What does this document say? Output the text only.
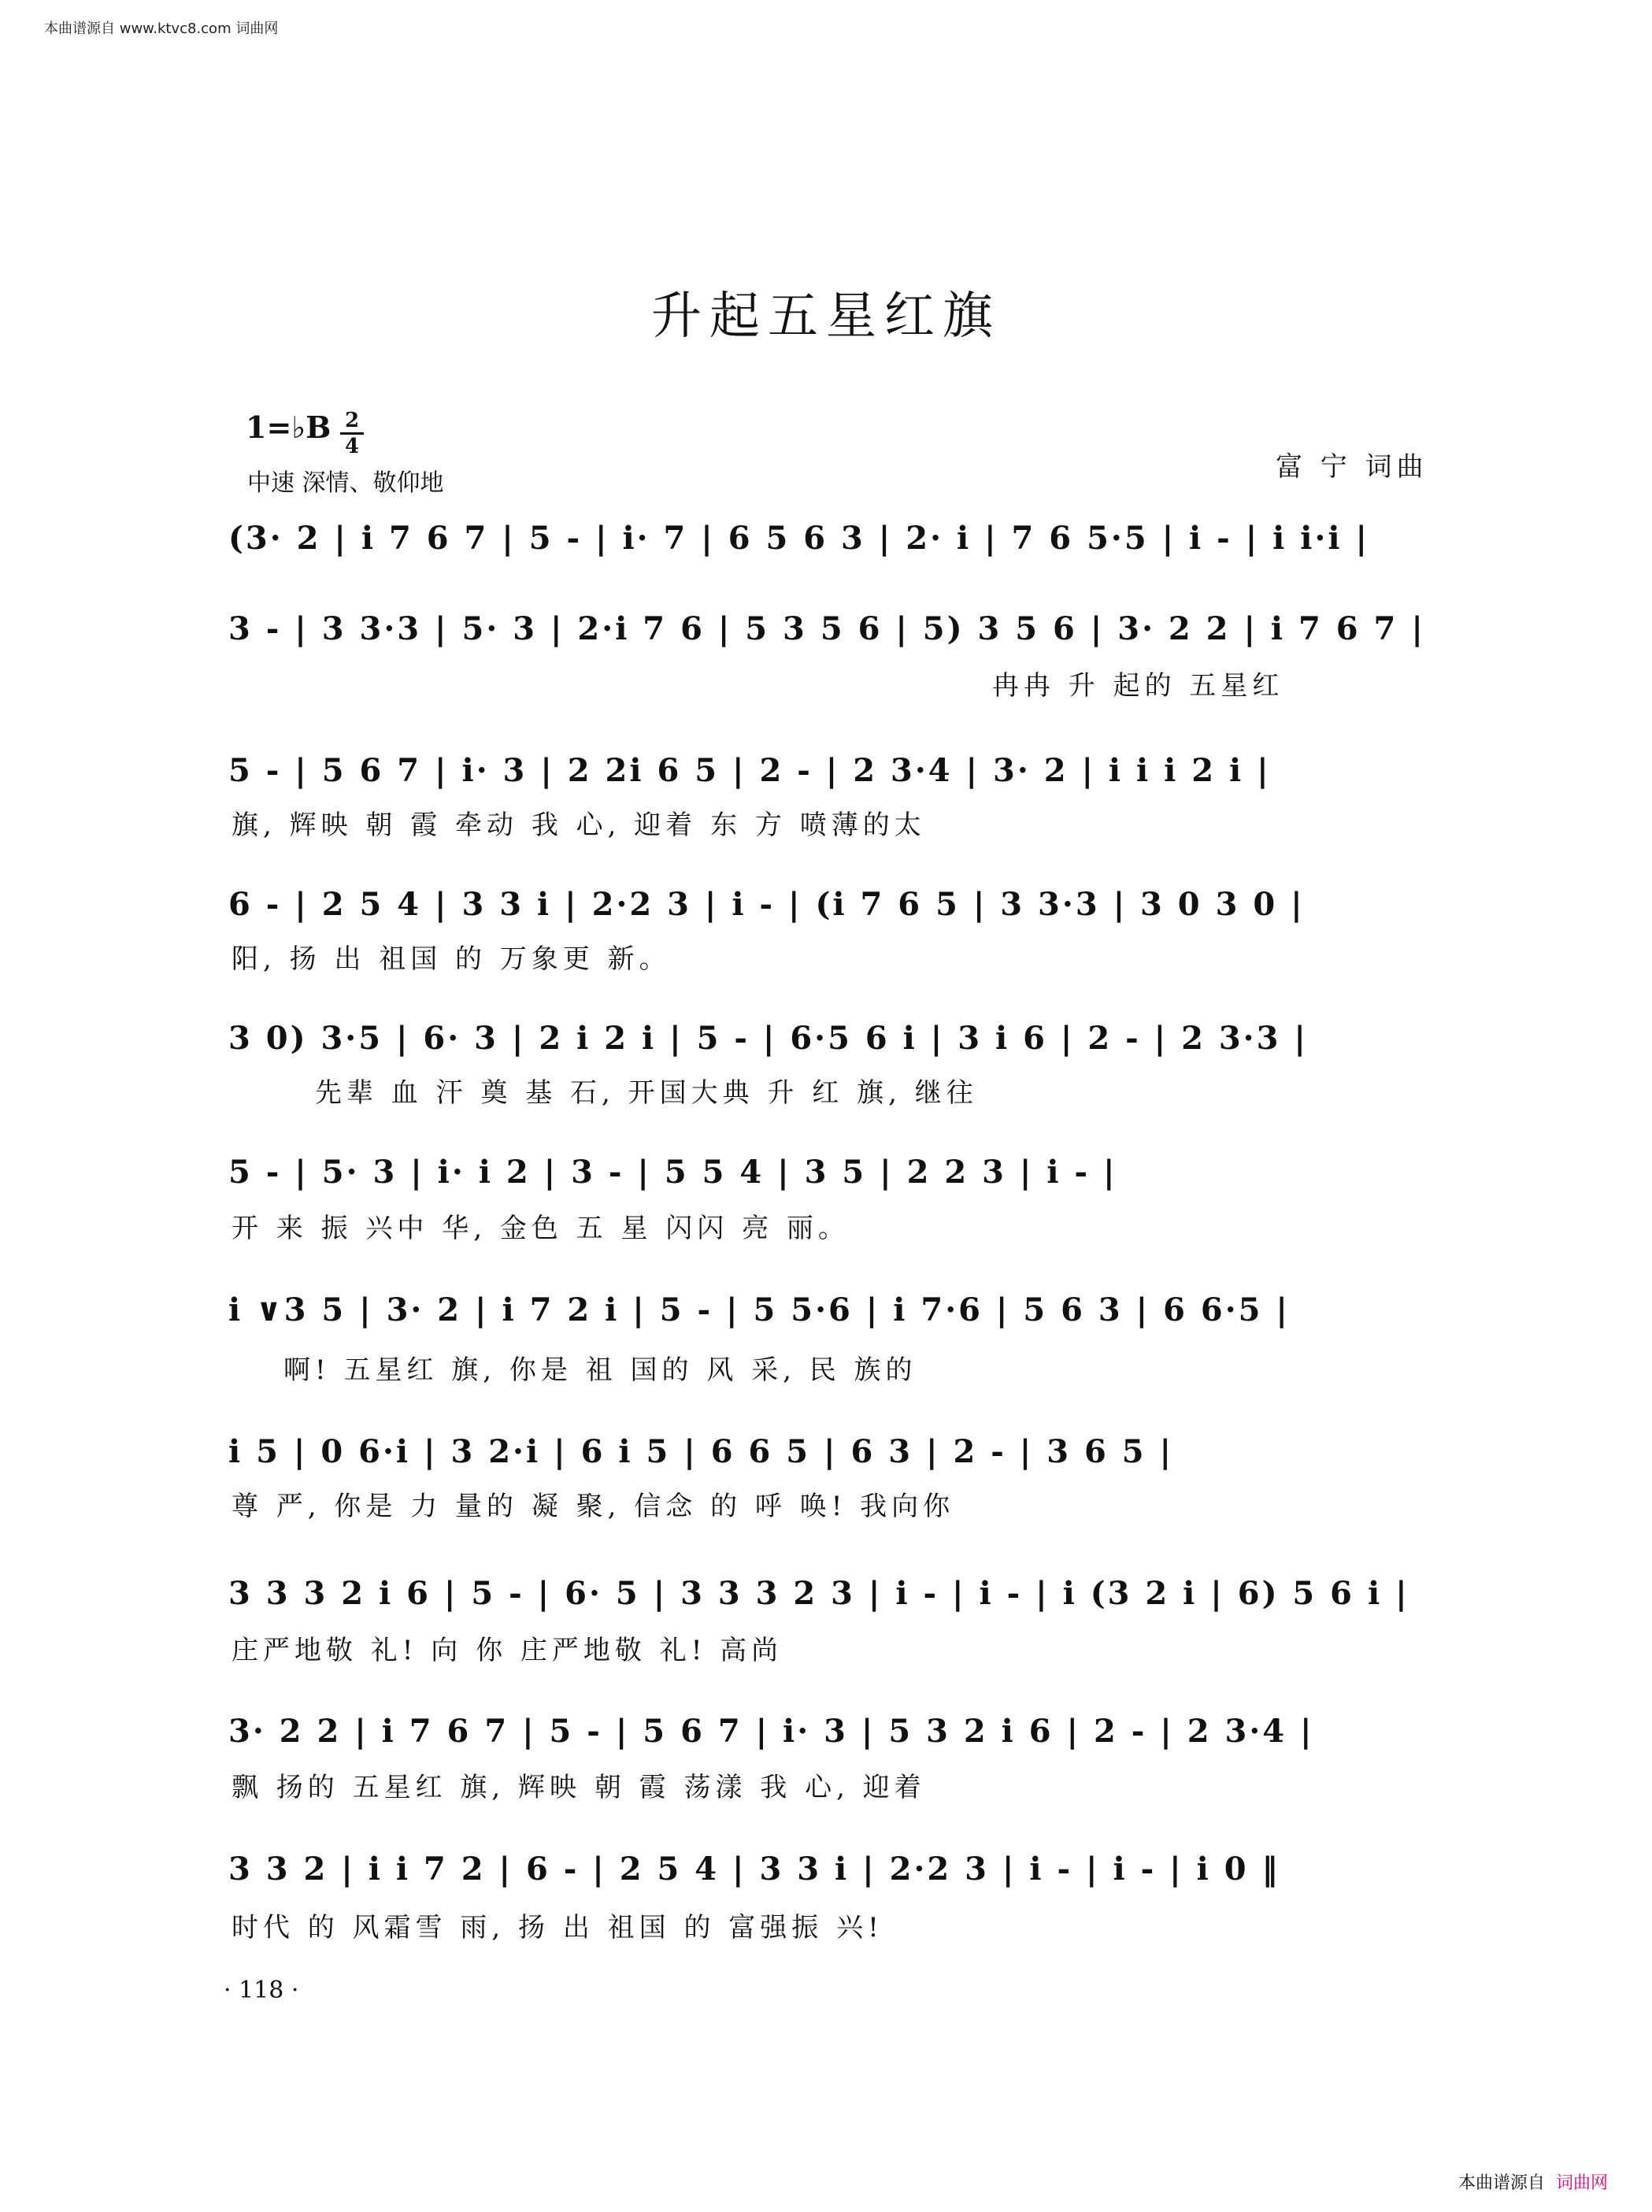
本曲谱源自 www.ktvc8.com 词曲网
升起五星红旗
1=♭B 2
4
中速 深情、敬仰地
富 宁 词曲
(3· 2 | i 7 6 7 | 5 - | i· 7 | 6 5 6 3 | 2· i | 7 6 5·5 | i - | i i·i |
3 - | 3 3·3 | 5· 3 | 2·i 7 6 | 5 3 5 6 | 5) 3 5 6 | 3· 2 2 | i 7 6 7 |
冉冉 升 起的 五星红
5 - | 5 6 7 | i· 3 | 2 2i 6 5 | 2 - | 2 3·4 | 3· 2 | i i i 2 i |
旗, 辉映 朝 霞 牵动 我 心, 迎着 东 方 喷薄的太
6 - | 2 5 4 | 3 3 i | 2·2 3 | i - | (i 7 6 5 | 3 3·3 | 3 0 3 0 |
阳, 扬 出 祖国 的 万象更 新。
3 0) 3·5 | 6· 3 | 2 i 2 i | 5 - | 6·5 6 i | 3 i 6 | 2 - | 2 3·3 |
先辈 血 汗 奠 基 石, 开国大典 升 红 旗, 继往
5 - | 5· 3 | i· i 2 | 3 - | 5 5 4 | 3 5 | 2 2 3 | i - |
开 来 振 兴中 华, 金色 五 星 闪闪 亮 丽。
i ∨3 5 | 3· 2 | i 7 2 i | 5 - | 5 5·6 | i 7·6 | 5 6 3 | 6 6·5 |
啊! 五星红 旗, 你是 祖 国的 风 采, 民 族的
i 5 | 0 6·i | 3 2·i | 6 i 5 | 6 6 5 | 6 3 | 2 - | 3 6 5 |
尊 严, 你是 力 量的 凝 聚, 信念 的 呼 唤! 我向你
3 3 3 2 i 6 | 5 - | 6· 5 | 3 3 3 2 3 | i - | i - | i (3 2 i | 6) 5 6 i |
庄严地敬 礼! 向 你 庄严地敬 礼! 高尚
3· 2 2 | i 7 6 7 | 5 - | 5 6 7 | i· 3 | 5 3 2 i 6 | 2 - | 2 3·4 |
飘 扬的 五星红 旗, 辉映 朝 霞 荡漾 我 心, 迎着
3 3 2 | i i 7 2 | 6 - | 2 5 4 | 3 3 i | 2·2 3 | i - | i - | i 0 ‖
时代 的 风霜雪 雨, 扬 出 祖国 的 富强振 兴!
· 118 ·
本曲谱源自 词曲网
